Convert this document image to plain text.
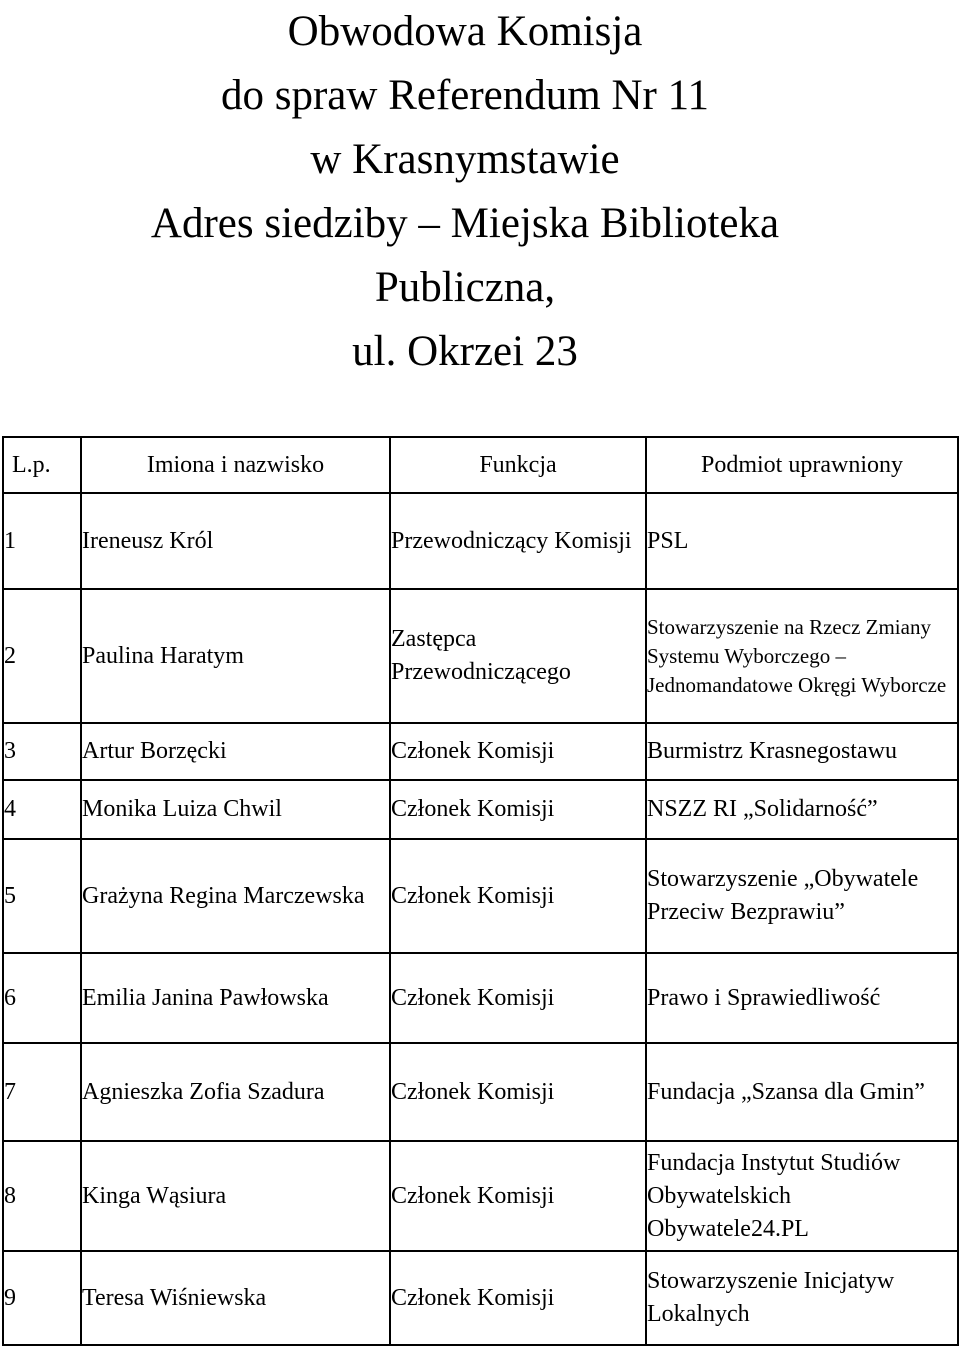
Obwodowa Komisja
do spraw Referendum Nr 11
w Krasnymstawie
Adres siedziby – Miejska Biblioteka
Publiczna,
ul. Okrzei 23
L.p.	Imiona i nazwisko	Funkcja	Podmiot uprawniony
1	Ireneusz Król	Przewodniczący Komisji	PSL
2	Paulina Haratym	Zastępca Przewodniczącego	Stowarzyszenie na Rzecz Zmiany Systemu Wyborczego – Jednomandatowe Okręgi Wyborcze
3	Artur Borzęcki	Członek Komisji	Burmistrz Krasnegostawu
4	Monika Luiza Chwil	Członek Komisji	NSZZ RI „Solidarność”
5	Grażyna Regina Marczewska	Członek Komisji	Stowarzyszenie „Obywatele Przeciw Bezprawiu”
6	Emilia Janina Pawłowska	Członek Komisji	Prawo i Sprawiedliwość
7	Agnieszka Zofia Szadura	Członek Komisji	Fundacja „Szansa dla Gmin”
8	Kinga Wąsiura	Członek Komisji	Fundacja Instytut Studiów Obywatelskich Obywatele24.PL
9	Teresa Wiśniewska	Członek Komisji	Stowarzyszenie Inicjatyw Lokalnych
